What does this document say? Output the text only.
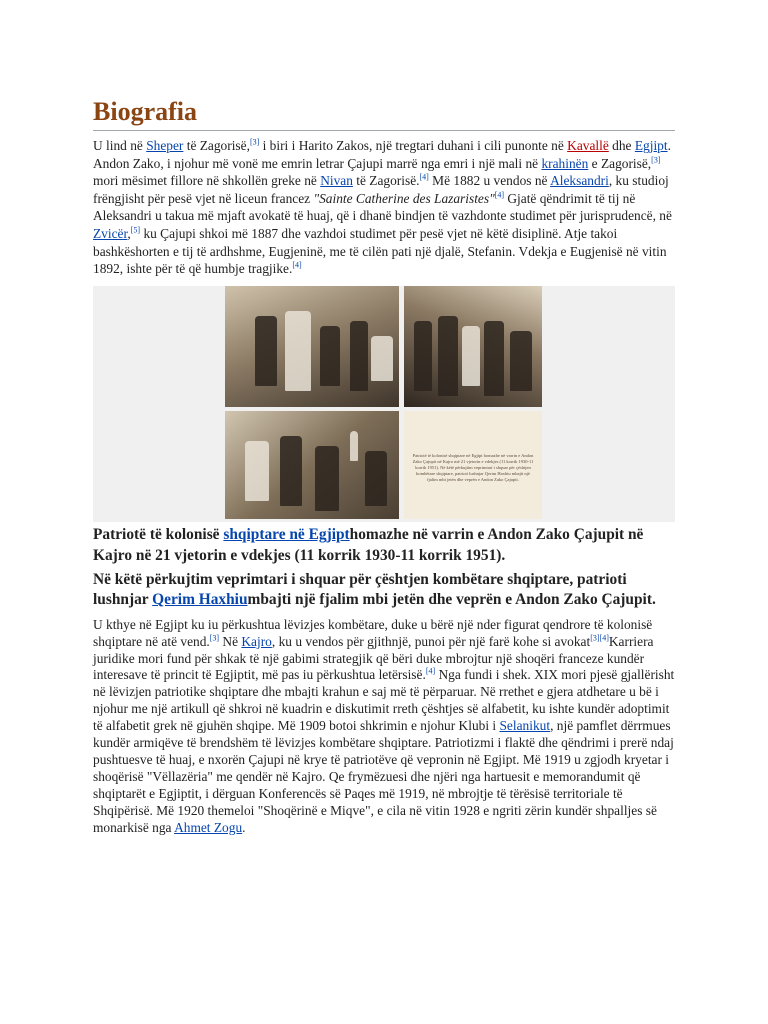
Biografia
U lind në Sheper të Zagorisë,[3] i biri i Harito Zakos, një tregtari duhani i cili punonte në Kavallë dhe Egjipt. Andon Zako, i njohur më vonë me emrin letrar Çajupi marrë nga emri i një mali në krahinën e Zagorisë,[3] mori mësimet fillore në shkollën greke në Nivan të Zagorisë.[4] Më 1882 u vendos në Aleksandri, ku studioj frëngjisht për pesë vjet në liceun francez "Sainte Catherine des Lazaristes"[4] Gjatë qëndrimit të tij në Aleksandri u takua më mjaft avokatë të huaj, që i dhanë bindjen të vazhdonte studimet për jurisprudencë, në Zvicër,[5] ku Çajupi shkoi më 1887 dhe vazhdoi studimet për pesë vjet në këtë disiplinë. Atje takoi bashkëshorten e tij të ardhshme, Eugjeninë, me të cilën pati një djalë, Stefanin. Vdekja e Eugjenisë në vitin 1892, ishte për të që humbje tragjike.[4]
Patriotë të kolonisë shqiptare në Egjipt homazhe në varrin e Andon Zako Çajupit në Kajro më 21 vjetorin e vdekjes (11 korrik 1930-11 korrik 1951). Në këtë përkujtim veprimtari i shquar për çështjen kombëtare shqiptare, patrioti lushnjar Qerim Haxhiu mbajti një fjalim mbi jetën dhe veprën e Andon Zako Çajupit.
Patriotë të kolonisë shqiptare në Egjipthomazhe në varrin e Andon Zako Çajupit në Kajro në 21 vjetorin e vdekjes (11 korrik 1930-11 korrik 1951).
Në këtë përkujtim veprimtari i shquar për çështjen kombëtare shqiptare, patrioti lushnjar Qerim Haxhiumbajti një fjalim mbi jetën dhe veprën e Andon Zako Çajupit.
U kthye në Egjipt ku iu përkushtua lëvizjes kombëtare, duke u bërë një nder figurat qendrore të kolonisë shqiptare në atë vend.[3] Në Kajro, ku u vendos për gjithnjë, punoi për një farë kohe si avokat[3][4]Karriera juridike mori fund për shkak të një gabimi strategjik që bëri duke mbrojtur një shoqëri franceze kundër interesave të princit të Egjiptit, më pas iu përkushtua letërsisë.[4] Nga fundi i shek. XIX mori pjesë gjallërisht në lëvizjen patriotike shqiptare dhe mbajti krahun e saj më të përparuar. Në rrethet e gjera atdhetare u bë i njohur me një artikull që shkroi në kuadrin e diskutimit rreth çështjes së alfabetit, ku ishte kundër adoptimit të alfabetit grek në gjuhën shqipe. Më 1909 botoi shkrimin e njohur Klubi i Selanikut, një pamflet dërrmues kundër armiqëve të brendshëm të lëvizjes kombëtare shqiptare. Patriotizmi i flaktë dhe qëndrimi i prerë ndaj pushtuesve të huaj, e nxorën Çajupi në krye të patriotëve që vepronin në Egjipt. Më 1919 u zgjodh kryetar i shoqërisë "Vëllazëria" me qendër në Kajro. Qe frymëzuesi dhe njëri nga hartuesit e memorandumit që shqiptarët e Egjiptit, i dërguan Konferencës së Paqes më 1919, në mbrojtje të tërësisë territoriale të Shqipërisë. Më 1920 themeloi "Shoqërinë e Miqve", e cila në vitin 1928 e ngriti zërin kundër shpalljes së monarkisë nga Ahmet Zogu.
